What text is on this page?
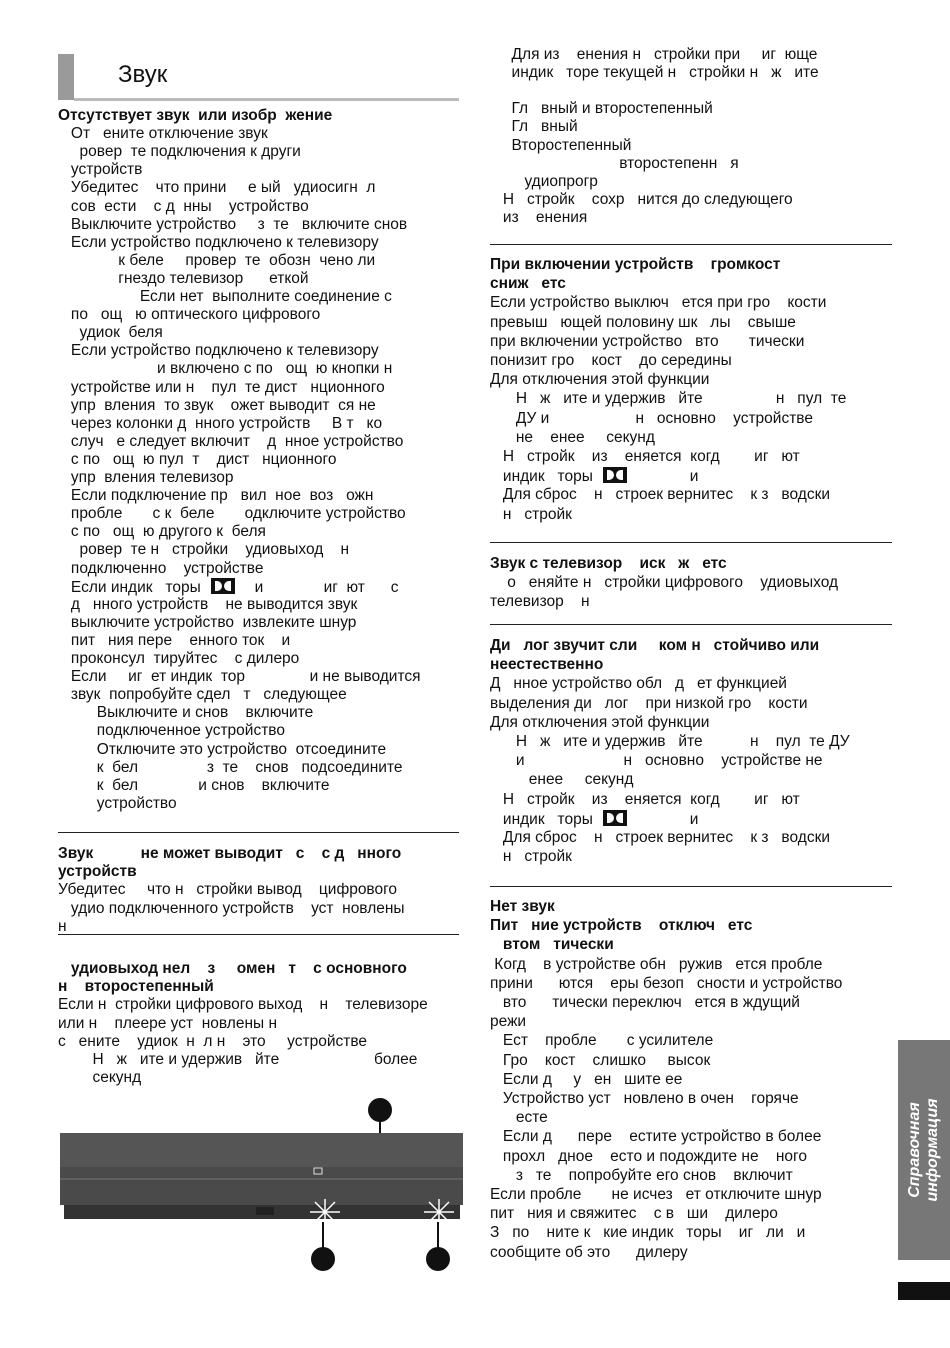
Звук
Отсутствует звук  или изобр  жение
От   ените отключение звук
ровер  те подключения к други
устройств
Убедитес    что прини     е ый   удиосигн  л
сов  ести    с д  нны    устройство
Выключите устройство     з  те   включите снов
Если устройство подключено к телевизору
к беле     провер  те  обозн  чено ли
гнездо телевизор      еткой
Если нет  выполните соединение с
по   ощ   ю оптического цифрового
удиок  беля
Если устройство подключено к телевизору
и включено с по   ощ  ю кнопки н
устройстве или н    пул  те дист   нционного
упр  вления  то звук    ожет выводит  ся не
через колонки д  нного устройств     В т   ко
случ   е следует включит    д  нное устройство
с по   ощ  ю пул  т    дист   нционного
упр  вления телевизор
Если подключение пр   вил  ное  воз   ожн
пробле       с к  беле       одключите устройство
с по   ощ  ю другого к  беля
ровер  те н   стройки    удиовыход    н
подключенно    устройстве
Если индик   торы      и              иг  ют      с
д   нного устройств    не выводится звук
выключите устройство  извлеките шнур
пит   ния пере    енного ток    и
проконсул  тируйтес    с дилеро
Если     иг  ет индик  тор               и не выводится
звук  попробуйте сдел   т   следующее
Выключите и снов    включите
подключенное устройство
Отключите это устройство  отсоедините
к  бел                з  те    снов   подсоедините
к  бел              и снов    включите
устройство
Звук           не может выводит   с    с д   нного
устройств
Убедитес     что н   стройки вывод    цифрового
удио подключенного устройств    уст  новлены
н
удиовыход нел    з     омен   т    с основного
н    второстепенный
Если н  стройки цифрового выход    н    телевизоре
или н    плеере уст  новлены н
с   ените    удиок  н  л н    это     устройстве
Н   ж   ите и удержив   йте                      более
секунд
Для из    енения н   стройки при     иг  юще
индик   торе текущей н   стройки н   ж   ите
Гл   вный и второстепенный
Гл   вный
Второстепенный
второстепенн   я
удиопрогр
Н   стройк    сохр   нится до следующего
из    енения
При включении устройств    громкост
сниж   етс
Если устройство выключ   ется при гро    кости
превыш   ющей половину шк   лы    свыше
при включении устройство   вто       тически
понизит гро    кост    до середины
Для отключения этой функции
Н   ж   ите и удержив   йте                 н   пул  те
ДУ и                    н   основно    устройстве
не    енее     секунд
Н   стройк    из    еняется  когд        иг   ют
индик   торы                и
Для сброс    н   строек вернитес    к з   водски
н   стройк
Звук с телевизор    иск   ж   етс
о   еняйте н   стройки цифрового    удиовыход
телевизор    н
Ди   лог звучит сли     ком н   стойчиво или
неестественно
Д   нное устройство обл   д   ет функцией
выделения ди   лог    при низкой гро    кости
Для отключения этой функции
Н   ж   ите и удержив   йте           н    пул  те ДУ
и                       н   основно    устройстве не
енее     секунд
Н   стройк    из    еняется  когд        иг   ют
индик   торы                и
Для сброс    н   строек вернитес    к з   водски
н   стройк
Нет звук
Пит   ние устройств    отключ   етс
втом   тически
Когд    в устройстве обн   ружив   ется пробле
прини      ются    еры безоп   сности и устройство
вто      тически переключ   ется в ждущий
режи
Ест    пробле       с усилителе
Гро    кост    слишко     высок
Если д     у   ен   шите ее
Устройство уст   новлено в очен    горяче
есте
Если д      пере    естите устройство в более
прохл   дное    есто и подождите не    ного
з   те    попробуйте его снов    включит
Если пробле       не исчез   ет отключите шнур
пит   ния и свяжитес    с в   ши    дилеро
З   по    ните к   кие индик   торы    иг   ли   и
сообщите об это      дилеру
Справочная
информация
